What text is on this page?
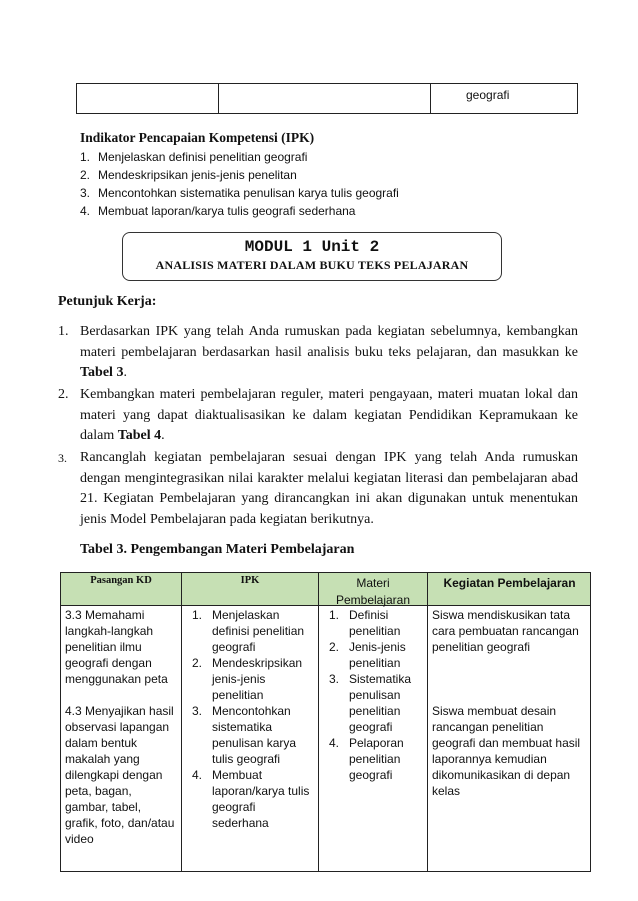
geografi
Indikator Pencapaian Kompetensi (IPK)
1. Menjelaskan definisi penelitian geografi
2. Mendeskripsikan jenis-jenis penelitan
3. Mencontohkan sistematika penulisan karya tulis geografi
4. Membuat laporan/karya tulis geografi sederhana
MODUL 1 Unit 2
ANALISIS MATERI DALAM BUKU TEKS PELAJARAN
Petunjuk Kerja:
1. Berdasarkan IPK yang telah Anda rumuskan pada kegiatan sebelumnya, kembangkan materi pembelajaran berdasarkan hasil analisis buku teks pelajaran, dan masukkan ke Tabel 3.
2. Kembangkan materi pembelajaran reguler, materi pengayaan, materi muatan lokal dan materi yang dapat diaktualisasikan ke dalam kegiatan Pendidikan Kepramukaan ke dalam Tabel 4.
3. Rancanglah kegiatan pembelajaran sesuai dengan IPK yang telah Anda rumuskan dengan mengintegrasikan nilai karakter melalui kegiatan literasi dan pembelajaran abad 21. Kegiatan Pembelajaran yang dirancangkan ini akan digunakan untuk menentukan jenis Model Pembelajaran pada kegiatan berikutnya.
Tabel 3. Pengembangan Materi Pembelajaran
Pasangan KD	IPK	Materi Pembelajaran
Kegiatan Pembelajaran
3.3 Memahami langkah-langkah penelitian ilmu geografi dengan menggunakan peta
4.3 Menyajikan hasil observasi lapangan dalam bentuk makalah yang dilengkapi dengan peta, bagan, gambar, tabel, grafik, foto, dan/atau video
1. Menjelaskan definisi penelitian geografi
2. Mendeskripsikan jenis-jenis penelitian
3. Mencontohkan sistematika penulisan karya tulis geografi
4. Membuat laporan/karya tulis geografi sederhana
1. Definisi penelitian
2. Jenis-jenis penelitian
3. Sistematika penulisan penelitian geografi
4. Pelaporan penelitian geografi
Siswa mendiskusikan tata cara pembuatan rancangan penelitian geografi
Siswa membuat desain rancangan penelitian geografi dan membuat hasil laporannya kemudian dikomunikasikan di depan kelas
